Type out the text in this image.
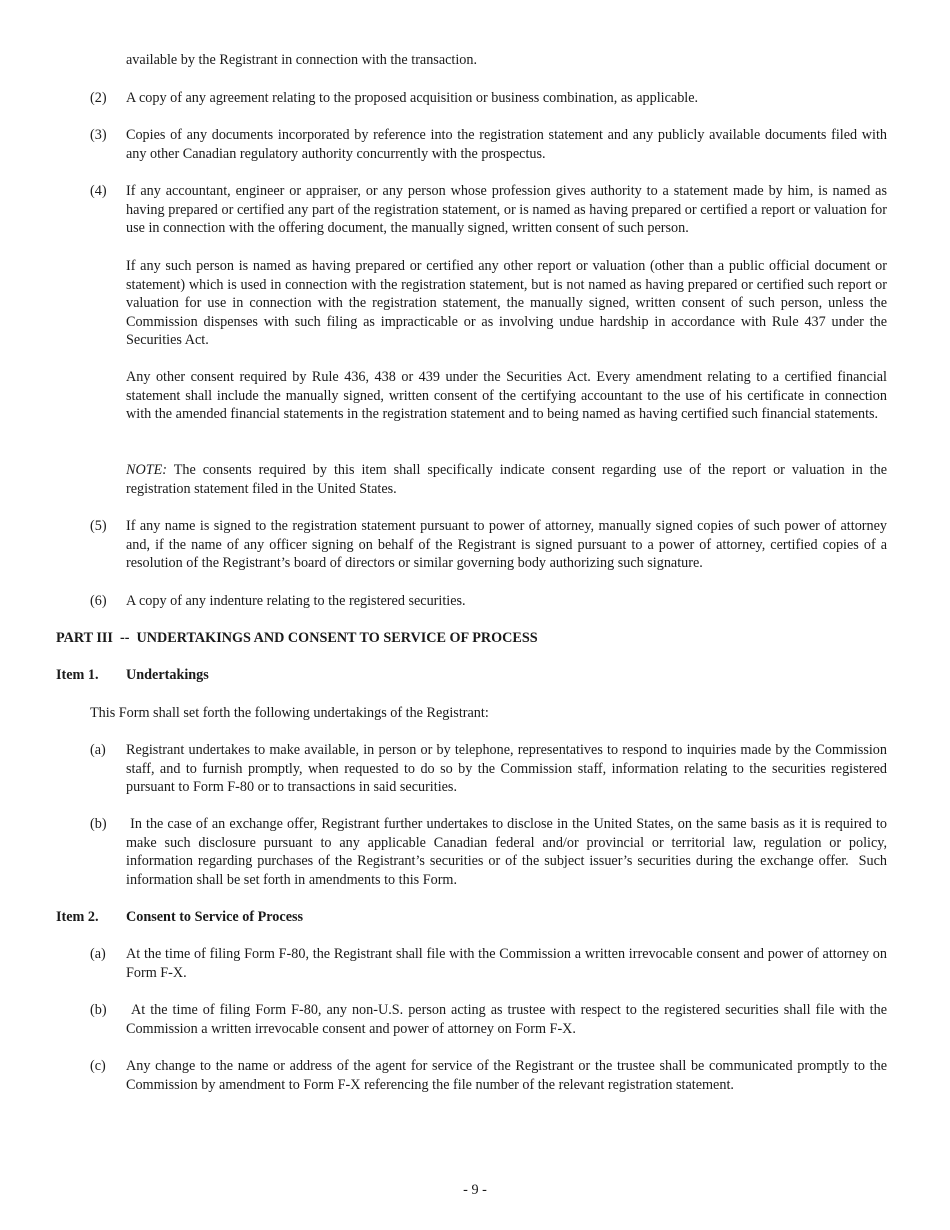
available by the Registrant in connection with the transaction.
(2) A copy of any agreement relating to the proposed acquisition or business combination, as applicable.
(3) Copies of any documents incorporated by reference into the registration statement and any publicly available documents filed with any other Canadian regulatory authority concurrently with the prospectus.
(4) If any accountant, engineer or appraiser, or any person whose profession gives authority to a statement made by him, is named as having prepared or certified any part of the registration statement, or is named as having prepared or certified a report or valuation for use in connection with the offering document, the manually signed, written consent of such person.
If any such person is named as having prepared or certified any other report or valuation (other than a public official document or statement) which is used in connection with the registration statement, but is not named as having prepared or certified such report or valuation for use in connection with the registration statement, the manually signed, written consent of such person, unless the Commission dispenses with such filing as impracticable or as involving undue hardship in accordance with Rule 437 under the Securities Act.
Any other consent required by Rule 436, 438 or 439 under the Securities Act. Every amendment relating to a certified financial statement shall include the manually signed, written consent of the certifying accountant to the use of his certificate in connection with the amended financial statements in the registration statement and to being named as having certified such financial statements.
NOTE: The consents required by this item shall specifically indicate consent regarding use of the report or valuation in the registration statement filed in the United States.
(5) If any name is signed to the registration statement pursuant to power of attorney, manually signed copies of such power of attorney and, if the name of any officer signing on behalf of the Registrant is signed pursuant to a power of attorney, certified copies of a resolution of the Registrant’s board of directors or similar governing body authorizing such signature.
(6) A copy of any indenture relating to the registered securities.
PART III  --  UNDERTAKINGS AND CONSENT TO SERVICE OF PROCESS
Item 1. Undertakings
This Form shall set forth the following undertakings of the Registrant:
(a) Registrant undertakes to make available, in person or by telephone, representatives to respond to inquiries made by the Commission staff, and to furnish promptly, when requested to do so by the Commission staff, information relating to the securities registered pursuant to Form F-80 or to transactions in said securities.
(b) In the case of an exchange offer, Registrant further undertakes to disclose in the United States, on the same basis as it is required to make such disclosure pursuant to any applicable Canadian federal and/or provincial or territorial law, regulation or policy, information regarding purchases of the Registrant’s securities or of the subject issuer’s securities during the exchange offer.  Such information shall be set forth in amendments to this Form.
Item 2. Consent to Service of Process
(a) At the time of filing Form F-80, the Registrant shall file with the Commission a written irrevocable consent and power of attorney on Form F-X.
(b) At the time of filing Form F-80, any non-U.S. person acting as trustee with respect to the registered securities shall file with the Commission a written irrevocable consent and power of attorney on Form F-X.
(c) Any change to the name or address of the agent for service of the Registrant or the trustee shall be communicated promptly to the Commission by amendment to Form F-X referencing the file number of the relevant registration statement.
- 9 -
